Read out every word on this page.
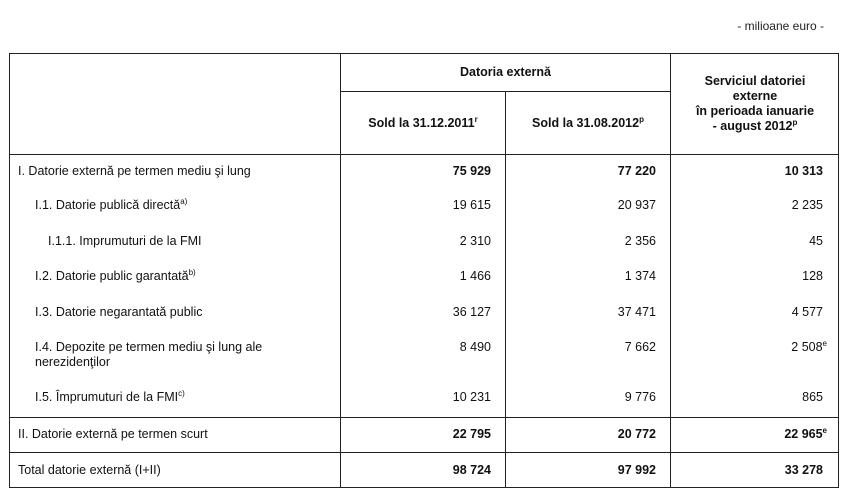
- milioane euro -
Datoria externă
Sold la 31.12.2011$^r$	Sold la 31.08.2012$^p$
Serviciul datoriei
externe
în perioada ianuarie
- august 2012$^p$
I. Datorie externă pe termen mediu şi lung	75 929	77 220	10 313
I.1. Datorie publică directă$^{a)}$	19 615	20 937	2 235
I.1.1. Imprumuturi de la FMI	2 310	2 356	45
I.2. Datorie public garantată$^{b)}$	1 466	1 374	128
I.3. Datorie negarantată public	36 127	37 471	4 577
I.4. Depozite pe termen mediu şi lung ale
nerezidenţilor
8 490	7 662	2 508e
I.5. Împrumuturi de la FMI$^{c)}$	10 231	9 776	865
II. Datorie externă pe termen scurt	22 795	20 772	22 965e
Total datorie externă (I+II)	98 724	97 992	33 278
